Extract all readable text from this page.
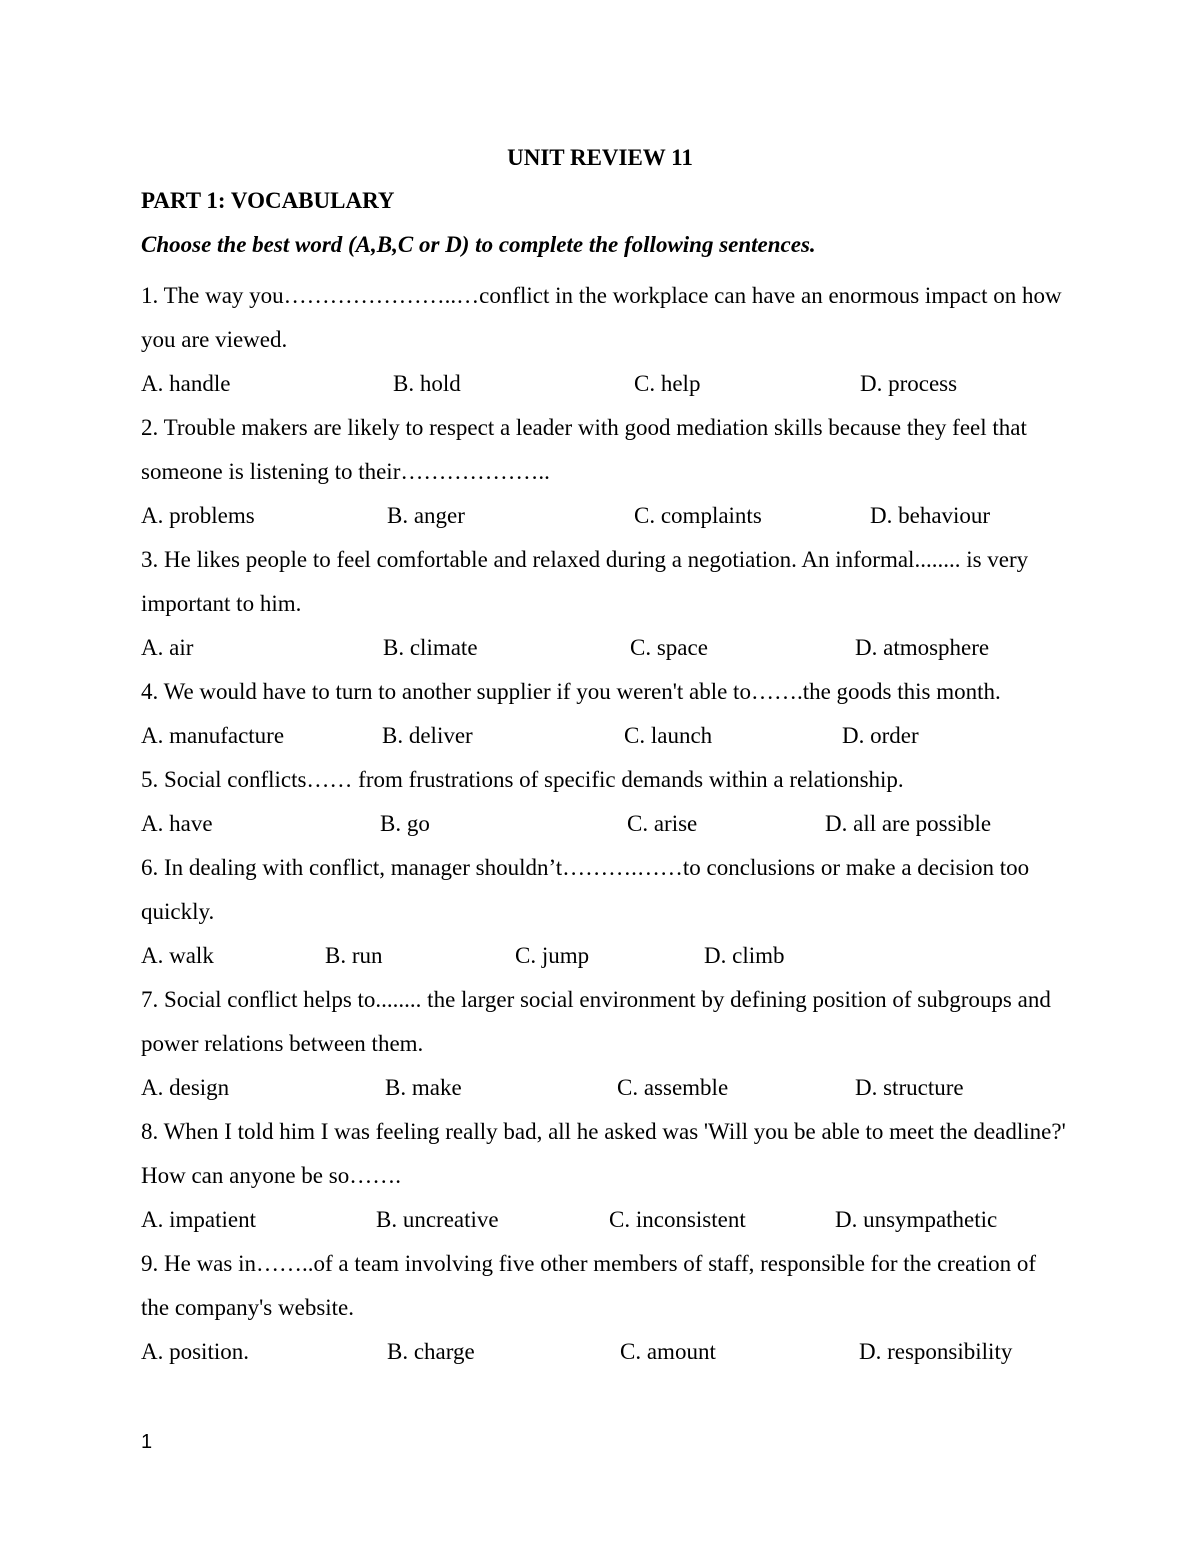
UNIT REVIEW 11
PART 1: VOCABULARY
Choose the best word (A,B,C or D) to complete the following sentences.

1. The way you…………………..…conflict in the workplace can have an enormous impact on how you are viewed.

A. handle	B. hold	C. help	D. process

2. Trouble makers are likely to respect a leader with good mediation skills because they feel that someone is listening to their………………..

A. problems	B. anger	C. complaints	D. behaviour

3. He likes people to feel comfortable and relaxed during a negotiation. An informal........ is very important to him.

A. air	B. climate	C. space	D. atmosphere

4. We would have to turn to another supplier if you weren't able to…….the goods this month.

A. manufacture	B. deliver	C. launch	D. order

5. Social conflicts…… from frustrations of specific demands within a relationship.

A. have	B. go	C. arise	D. all are possible

6. In dealing with conflict, manager shouldn’t……….……to conclusions or make a decision too quickly.

A. walk	B. run	C. jump	D. climb

7. Social conflict helps to........ the larger social environment by defining position of subgroups and power relations between them.

A. design	B. make	C. assemble	D. structure

8. When I told him I was feeling really bad, all he asked was 'Will you be able to meet the deadline?' How can anyone be so…….

A. impatient	B. uncreative	C. inconsistent	D. unsympathetic

9. He was in……..of a team involving five other members of staff, responsible for the creation of the company's website.

A. position.	B. charge	C. amount	D. responsibility
1
